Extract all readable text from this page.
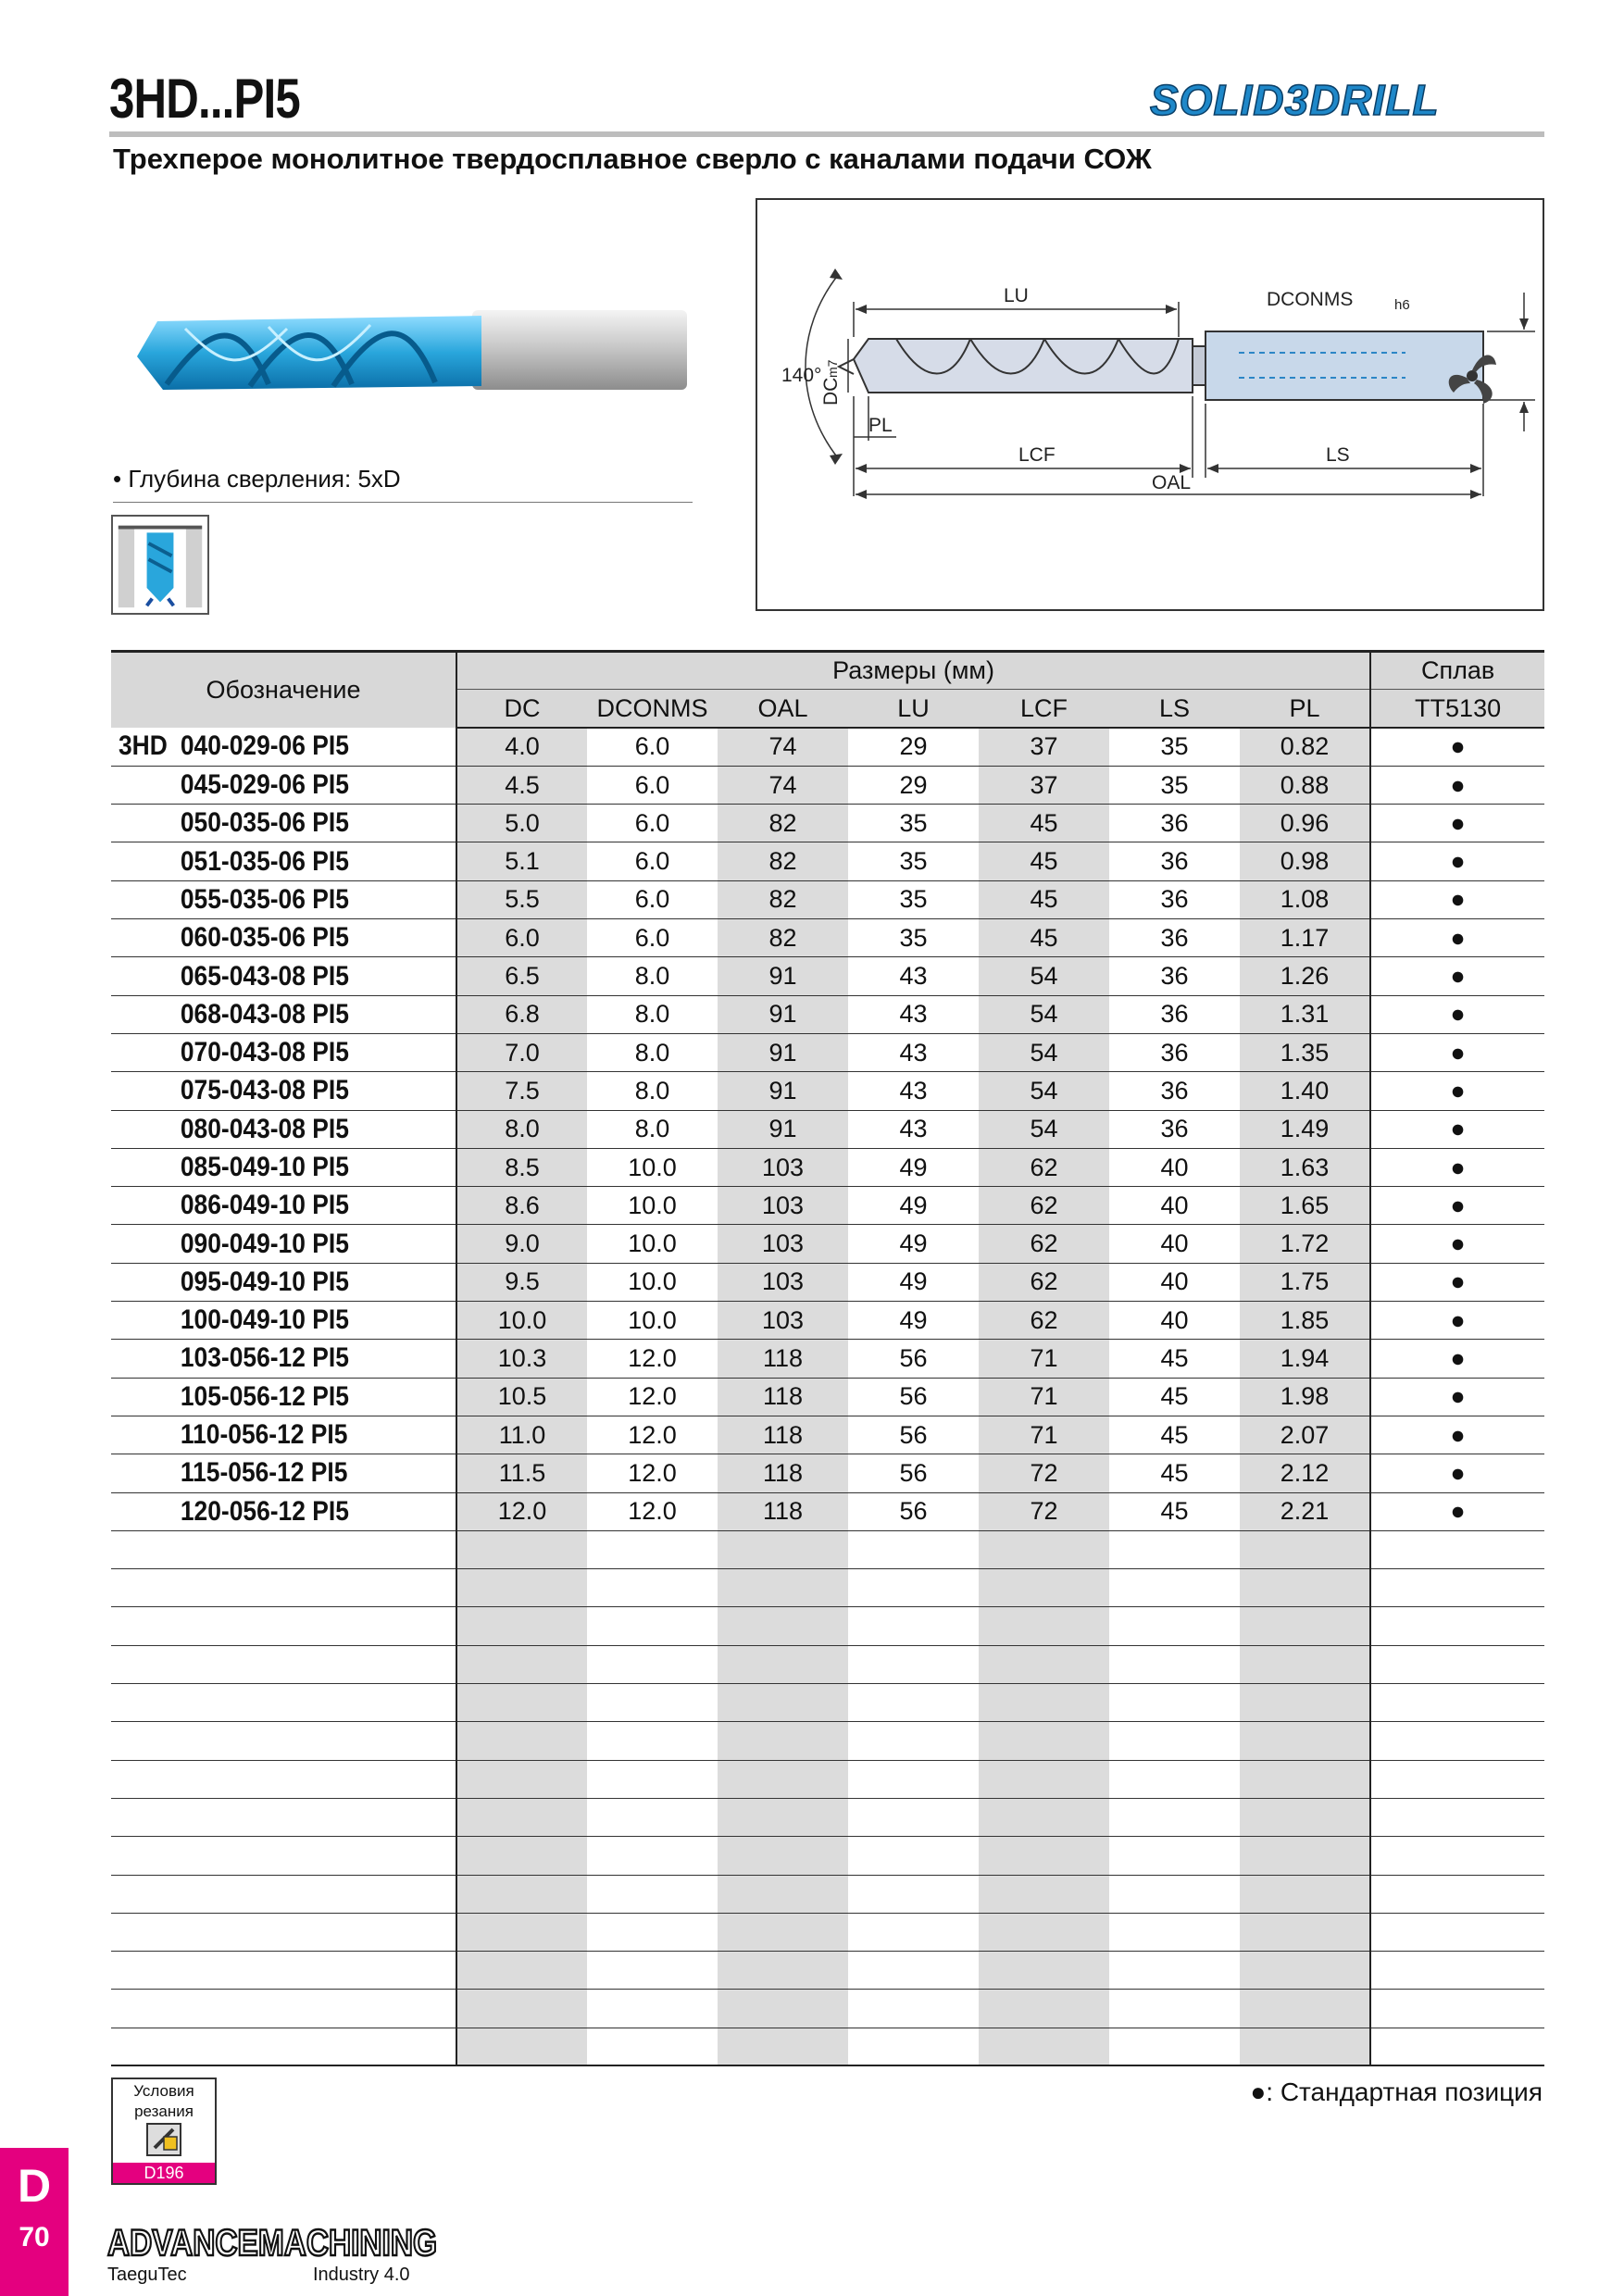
3HD...PI5	SOLID3DRILL
Трехперое монолитное твердосплавное сверло с каналами подачи СОЖ
• Глубина сверления: 5xD
LU	DCONMS	h6
140°
DC
m7
PL
LCF	LS
OAL
Обозначение	Размеры (мм)							Сплав
	DC	DCONMS	OAL	LU	LCF	LS	PL	TT5130
3HD 040-029-06 PI5	4.0	6.0	74	29	37	35	0.82	●
045-029-06 PI5	4.5	6.0	74	29	37	35	0.88	●
050-035-06 PI5	5.0	6.0	82	35	45	36	0.96	●
051-035-06 PI5	5.1	6.0	82	35	45	36	0.98	●
055-035-06 PI5	5.5	6.0	82	35	45	36	1.08	●
060-035-06 PI5	6.0	6.0	82	35	45	36	1.17	●
065-043-08 PI5	6.5	8.0	91	43	54	36	1.26	●
068-043-08 PI5	6.8	8.0	91	43	54	36	1.31	●
070-043-08 PI5	7.0	8.0	91	43	54	36	1.35	●
075-043-08 PI5	7.5	8.0	91	43	54	36	1.40	●
080-043-08 PI5	8.0	8.0	91	43	54	36	1.49	●
085-049-10 PI5	8.5	10.0	103	49	62	40	1.63	●
086-049-10 PI5	8.6	10.0	103	49	62	40	1.65	●
090-049-10 PI5	9.0	10.0	103	49	62	40	1.72	●
095-049-10 PI5	9.5	10.0	103	49	62	40	1.75	●
100-049-10 PI5	10.0	10.0	103	49	62	40	1.85	●
103-056-12 PI5	10.3	12.0	118	56	71	45	1.94	●
105-056-12 PI5	10.5	12.0	118	56	71	45	1.98	●
110-056-12 PI5	11.0	12.0	118	56	71	45	2.07	●
115-056-12 PI5	11.5	12.0	118	56	72	45	2.12	●
120-056-12 PI5	12.0	12.0	118	56	72	45	2.21	●

●: Стандартная позиция
Условия
резания
D196
D
70	ADVANCEMACHINING
TaeguTec	Industry 4.0
